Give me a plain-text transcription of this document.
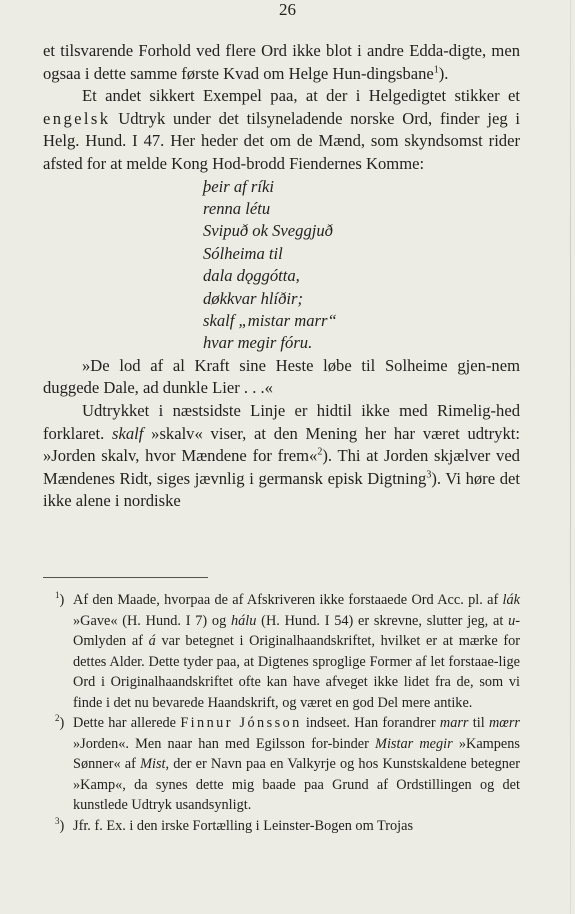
26

et tilsvarende Forhold ved flere Ord ikke blot i andre Edda-digte, men ogsaa i dette samme første Kvad om Helge Hun-dingsbane$^1$).

Et andet sikkert Exempel paa, at der i Helgedigtet stikker et engelsk Udtryk under det tilsyneladende norske Ord, finder jeg i Helg. Hund. I 47. Her heder det om de Mænd, som skyndsomst rider afsted for at melde Kong Hod-brodd Fiendernes Komme:

þeir af ríki
renna létu
Svipuð ok Sveggjuð
Sólheima til
dala dǫggótta,
døkkvar hlíðir;
skalf „mistar marr“
hvar megir fóru.

»De lod af al Kraft sine Heste løbe til Solheime gjen-nem duggede Dale, ad dunkle Lier . . .«

Udtrykket i næstsidste Linje er hidtil ikke med Rimelig-hed forklaret. skalf »skalv« viser, at den Mening her har været udtrykt: »Jorden skalv, hvor Mændene for frem«$^2$). Thi at Jorden skjælver ved Mændenes Ridt, siges jævnlig i germansk episk Digtning$^3$). Vi høre det ikke alene i nordiske

$^1$) Af den Maade, hvorpaa de af Afskriveren ikke forstaaede Ord Acc. pl. af lák »Gave« (H. Hund. I 7) og hálu (H. Hund. I 54) er skrevne, slutter jeg, at u-Omlyden af á var betegnet i Originalhaandskriftet, hvilket er at mærke for dettes Alder. Dette tyder paa, at Digtenes sproglige Former af let forstaae-lige Ord i Originalhaandskriftet ofte kan have afveget ikke lidet fra de, som vi finde i det nu bevarede Haandskrift, og været en god Del mere antike.
$^2$) Dette har allerede Finnur Jónsson indseet. Han forandrer marr til mœrr »Jorden«. Men naar han med Egilsson for-binder Mistar megir »Kampens Sønner« af Mist, der er Navn paa en Valkyrje og hos Kunstskaldene betegner »Kamp«, da synes dette mig baade paa Grund af Ordstillingen og det kunstlede Udtryk usandsynligt.
$^3$) Jfr. f. Ex. i den irske Fortælling i Leinster-Bogen om Trojas
